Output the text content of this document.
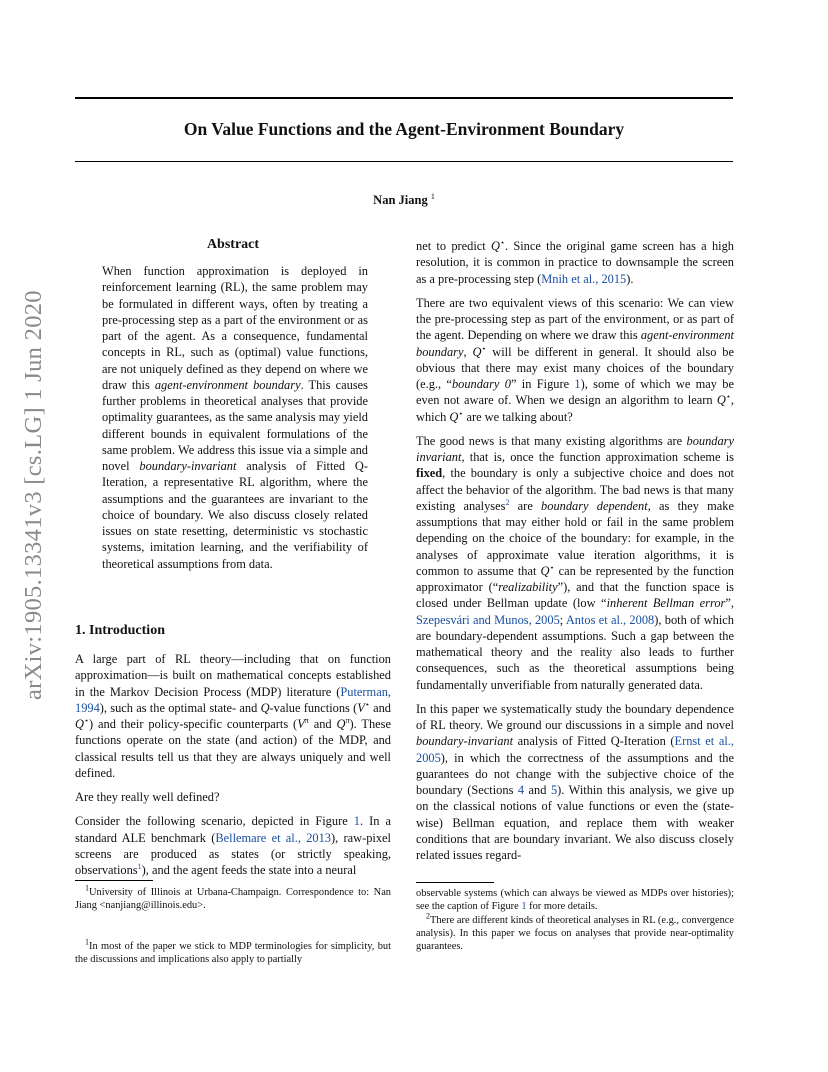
On Value Functions and the Agent-Environment Boundary
Nan Jiang $^1$
arXiv:1905.13341v3 [cs.LG] 1 Jun 2020
Abstract

When function approximation is deployed in reinforcement learning (RL), the same problem may be formulated in different ways, often by treating a pre-processing step as a part of the environment or as part of the agent. As a consequence, fundamental concepts in RL, such as (optimal) value functions, are not uniquely defined as they depend on where we draw this agent-environment boundary. This causes further problems in theoretical analyses that provide optimality guarantees, as the same analysis may yield different bounds in equivalent formulations of the same problem. We address this issue via a simple and novel boundary-invariant analysis of Fitted Q-Iteration, a representative RL algorithm, where the assumptions and the guarantees are invariant to the choice of boundary. We also discuss closely related issues on state resetting, deterministic vs stochastic systems, imitation learning, and the verifiability of theoretical assumptions from data.

1. Introduction

A large part of RL theory—including that on function approximation—is built on mathematical concepts established in the Markov Decision Process (MDP) literature (Puterman, 1994), such as the optimal state- and Q-value functions (V⋆ and Q⋆) and their policy-specific counterparts ($V^\pi$ and $Q^\pi$). These functions operate on the state (and action) of the MDP, and classical results tell us that they are always uniquely and well defined.

Are they really well defined?

Consider the following scenario, depicted in Figure 1. In a standard ALE benchmark (Bellemare et al., 2013), raw-pixel screens are produced as states (or strictly speaking, observations$^1$), and the agent feeds the state into a neural

$^1$University of Illinois at Urbana-Champaign. Correspondence to: Nan Jiang <nanjiang@illinois.edu>.

$^1$In most of the paper we stick to MDP terminologies for simplicity, but the discussions and implications also apply to partially

net to predict Q⋆. Since the original game screen has a high resolution, it is common in practice to downsample the screen as a pre-processing step (Mnih et al., 2015).

There are two equivalent views of this scenario: We can view the pre-processing step as part of the environment, or as part of the agent. Depending on where we draw this agent-environment boundary, Q⋆ will be different in general. It should also be obvious that there may exist many choices of the boundary (e.g., “boundary 0” in Figure 1), some of which we may be even not aware of. When we design an algorithm to learn Q⋆, which Q⋆ are we talking about?

The good news is that many existing algorithms are boundary invariant, that is, once the function approximation scheme is fixed, the boundary is only a subjective choice and does not affect the behavior of the algorithm. The bad news is that many existing analyses$^2$ are boundary dependent, as they make assumptions that may either hold or fail in the same problem depending on the choice of the boundary: for example, in the analyses of approximate value iteration algorithms, it is common to assume that Q⋆ can be represented by the function approximator (“realizability”), and that the function space is closed under Bellman update (low “inherent Bellman error”, Szepesvári and Munos, 2005; Antos et al., 2008), both of which are boundary-dependent assumptions. Such a gap between the mathematical theory and the reality also leads to further consequences, such as the theoretical assumptions being fundamentally unverifiable from naturally generated data.

In this paper we systematically study the boundary dependence of RL theory. We ground our discussions in a simple and novel boundary-invariant analysis of Fitted Q-Iteration (Ernst et al., 2005), in which the correctness of the assumptions and the guarantees do not change with the subjective choice of the boundary (Sections 4 and 5). Within this analysis, we give up on the classical notions of value functions or even the (state-wise) Bellman equation, and replace them with weaker conditions that are boundary invariant. We also discuss closely related issues regard-

observable systems (which can always be viewed as MDPs over histories); see the caption of Figure 1 for more details.

$^2$There are different kinds of theoretical analyses in RL (e.g., convergence analysis). In this paper we focus on analyses that provide near-optimality guarantees.
